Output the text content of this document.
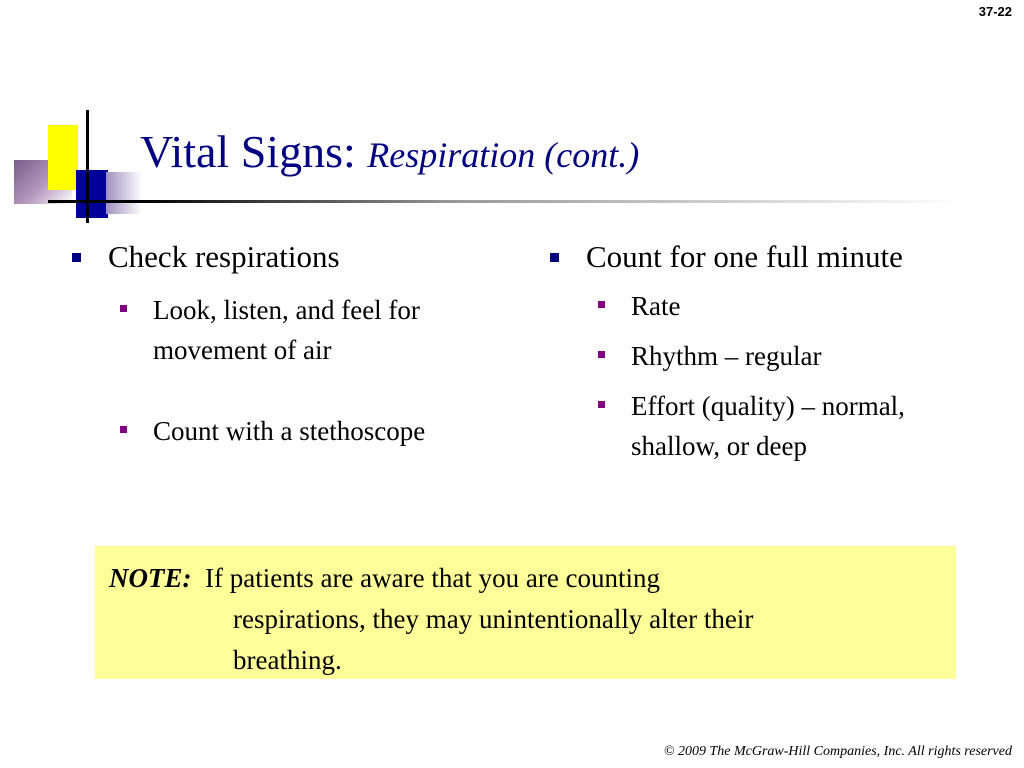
37-22
Vital Signs: Respiration (cont.)
Check respirations
Look, listen, and feel for movement of air
Count with a stethoscope
Count for one full minute
Rate
Rhythm – regular
Effort (quality) – normal, shallow, or deep
NOTE: If patients are aware that you are counting
respirations, they may unintentionally alter their
breathing.
© 2009 The McGraw-Hill Companies, Inc. All rights reserved
